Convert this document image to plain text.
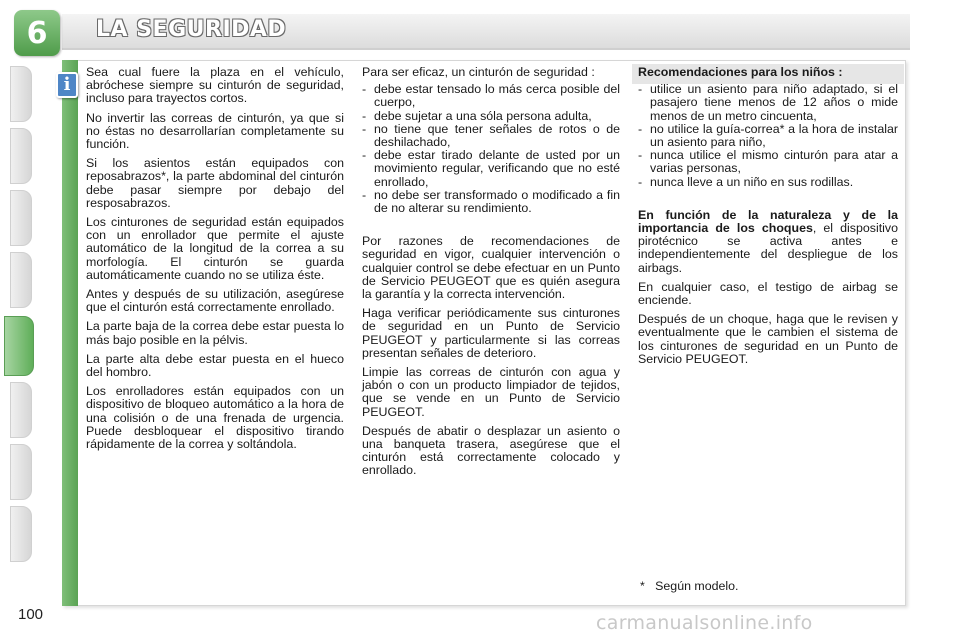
6	LA SEGURIDAD
i

Sea cual fuere la plaza en el vehículo, abróchese siempre su cinturón de seguridad, incluso para trayectos cortos.

No invertir las correas de cinturón, ya que si no éstas no desarrollarían completamente su función.

Si los asientos están equipados con reposabrazos*, la parte abdominal del cinturón debe pasar siempre por debajo del resposabrazos.

Los cinturones de seguridad están equipados con un enrollador que permite el ajuste automático de la longitud de la correa a su morfología. El cinturón se guarda automáticamente cuando no se utiliza éste.

Antes y después de su utilización, asegúrese que el cinturón está correctamente enrollado.

La parte baja de la correa debe estar puesta lo más bajo posible en la pélvis.

La parte alta debe estar puesta en el hueco del hombro.

Los enrolladores están equipados con un dispositivo de bloqueo automático a la hora de una colisión o de una frenada de urgencia. Puede desbloquear el dispositivo tirando rápidamente de la correa y soltándola.

Para ser eficaz, un cinturón de seguridad :

- debe estar tensado lo más cerca posible del cuerpo,
- debe sujetar a una sóla persona adulta,
- no tiene que tener señales de rotos o de deshilachado,
- debe estar tirado delante de usted por un movimiento regular, verificando que no esté enrollado,
- no debe ser transformado o modificado a fin de no alterar su rendimiento.

Por razones de recomendaciones de seguridad en vigor, cualquier intervención o cualquier control se debe efectuar en un Punto de Servicio PEUGEOT que es quién asegura la garantía y la correcta intervención.

Haga verificar periódicamente sus cinturones de seguridad en un Punto de Servicio PEUGEOT y particularmente si las correas presentan señales de deterioro.

Limpie las correas de cinturón con agua y jabón o con un producto limpiador de tejidos, que se vende en un Punto de Servicio PEUGEOT.

Después de abatir o desplazar un asiento o una banqueta trasera, asegúrese que el cinturón está correctamente colocado y enrollado.

Recomendaciones para los niños :

- utilice un asiento para niño adaptado, si el pasajero tiene menos de 12 años o mide menos de un metro cincuenta,
- no utilice la guía-correa* a la hora de instalar un asiento para niño,
- nunca utilice el mismo cinturón para atar a varias personas,
- nunca lleve a un niño en sus rodillas.

En función de la naturaleza y de la importancia de los choques, el dispositivo pirotécnico se activa antes e independientemente del despliegue de los airbags.

En cualquier caso, el testigo de airbag se enciende.

Después de un choque, haga que le revisen y eventualmente que le cambien el sistema de los cinturones de seguridad en un Punto de Servicio PEUGEOT.

*   Según modelo.
100	carmanualsonline.info
